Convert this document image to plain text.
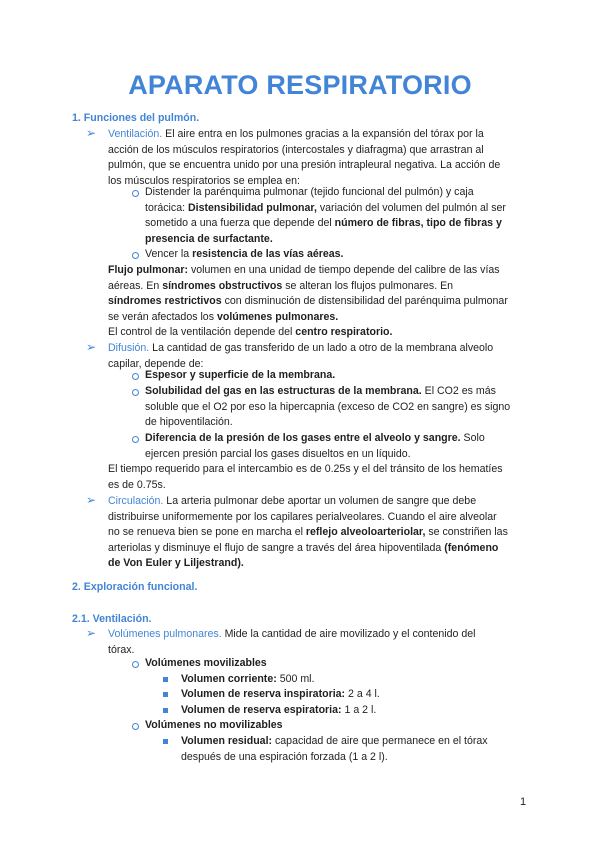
APARATO RESPIRATORIO
1. Funciones del pulmón.
➢ Ventilación. El aire entra en los pulmones gracias a la expansión del tórax por la
acción de los músculos respiratorios (intercostales y diafragma) que arrastran al
pulmón, que se encuentra unido por una presión intrapleural negativa. La acción de
los músculos respiratorios se emplea en:
Distender la parénquima pulmonar (tejido funcional del pulmón) y caja
torácica: Distensibilidad pulmonar, variación del volumen del pulmón al ser
sometido a una fuerza que depende del número de fibras, tipo de fibras y
presencia de surfactante.
Vencer la resistencia de las vías aéreas.
Flujo pulmonar: volumen en una unidad de tiempo depende del calibre de las vías
aéreas. En síndromes obstructivos se alteran los flujos pulmonares. En
síndromes restrictivos con disminución de distensibilidad del parénquima pulmonar
se verán afectados los volúmenes pulmonares.
El control de la ventilación depende del centro respiratorio.
➢ Difusión. La cantidad de gas transferido de un lado a otro de la membrana alveolo
capilar, depende de:
Espesor y superficie de la membrana.
Solubilidad del gas en las estructuras de la membrana. El CO2 es más
soluble que el O2 por eso la hipercapnia (exceso de CO2 en sangre) es signo
de hipoventilación.
Diferencia de la presión de los gases entre el alveolo y sangre. Solo
ejercen presión parcial los gases disueltos en un líquido.
El tiempo requerido para el intercambio es de 0.25s y el del tránsito de los hematíes
es de 0.75s.
➢ Circulación. La arteria pulmonar debe aportar un volumen de sangre que debe
distribuirse uniformemente por los capilares perialveolares. Cuando el aire alveolar
no se renueva bien se pone en marcha el reflejo alveoloarteriolar, se constriñen las
arteriolas y disminuye el flujo de sangre a través del área hipoventilada (fenómeno
de Von Euler y Liljestrand).
2. Exploración funcional.
2.1. Ventilación.
➢ Volúmenes pulmonares. Mide la cantidad de aire movilizado y el contenido del
tórax.
Volúmenes movilizables
Volumen corriente: 500 ml.
Volumen de reserva inspiratoria: 2 a 4 l.
Volumen de reserva espiratoria: 1 a 2 l.
Volúmenes no movilizables
Volumen residual: capacidad de aire que permanece en el tórax
después de una espiración forzada (1 a 2 l).
1
